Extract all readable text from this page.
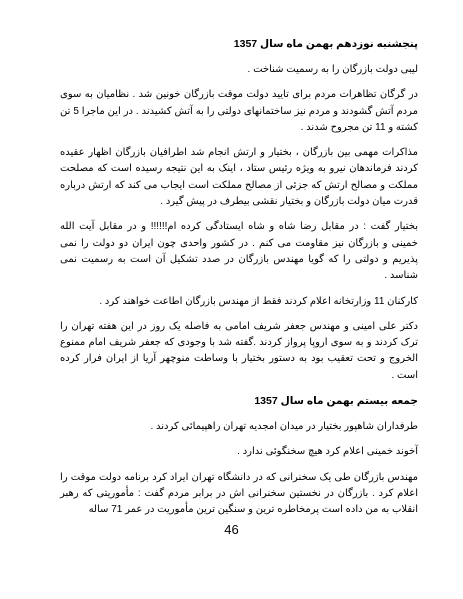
پنجشنبه نوزدهم بهمن ماه سال 1357

لیبی دولت بازرگان را به رسمیت شناخت .

در گرگان تظاهرات مردم برای تایید دولت موقت بازرگان خونین شد . نظامیان به سوی مردم آتش گشودند و مردم نیز ساختمانهای دولتی را به آتش کشیدند . در این ماجرا 5 تن کشته و 11 تن مجروح شدند .

مذاکرات مهمی بین بازرگان ، بختیار و ارتش انجام شد اطرافیان بازرگان اظهار عقیده کردند فرماندهان نیرو به ویژه رئیس ستاد ، اینک به این نتیجه رسیده است که مصلحت مملکت و مصالح ارتش که جزئی از مصالح مملکت است ایجاب می کند که ارتش درباره قدرت میان دولت بازرگان و بختیار نقشی بیطرف در پیش گیرد .

بختیار گفت : در مقابل رضا شاه و شاه ایستادگی کرده ام!!!!!! و در مقابل آیت الله خمینی و بازرگان نیز مقاومت می کنم . در کشور واحدی چون ایران دو دولت را نمی پذیریم و دولتی را که گویا مهندس بازرگان در صدد تشکیل آن است به رسمیت نمی شناسد .

کارکنان 11 وزارتخانه اعلام کردند فقط از مهندس بازرگان اطاعت خواهند کرد .

دکتر علی امینی و مهندس جعفر شریف امامی به فاصله یک روز در این هفته تهران را ترک کردند و به سوی اروپا پرواز کردند .گفته شد با وجودی که جعفر شریف امام ممنوع الخروج و تحت تعقیب بود به دستور بختیار با وساطت منوچهر آریا از ایران فرار کرده است .

جمعه بیستم بهمن ماه سال 1357

طرفداران شاهپور بختیار در میدان امجدیه تهران راهپیمائی کردند .

آخوند خمینی اعلام کرد هیچ سخنگوئی ندارد .

مهندس بازرگان طی یک سخنرانی که در دانشگاه تهران ایراد کرد برنامه دولت موقت را اعلام کرد . بازرگان در نخستین سخنرانی اش در برابر مردم گفت : مأموریتی که رهبر انقلاب به من داده است پرمخاطره ترین و سنگین ترین مأموریت در عمر 71 ساله

46
